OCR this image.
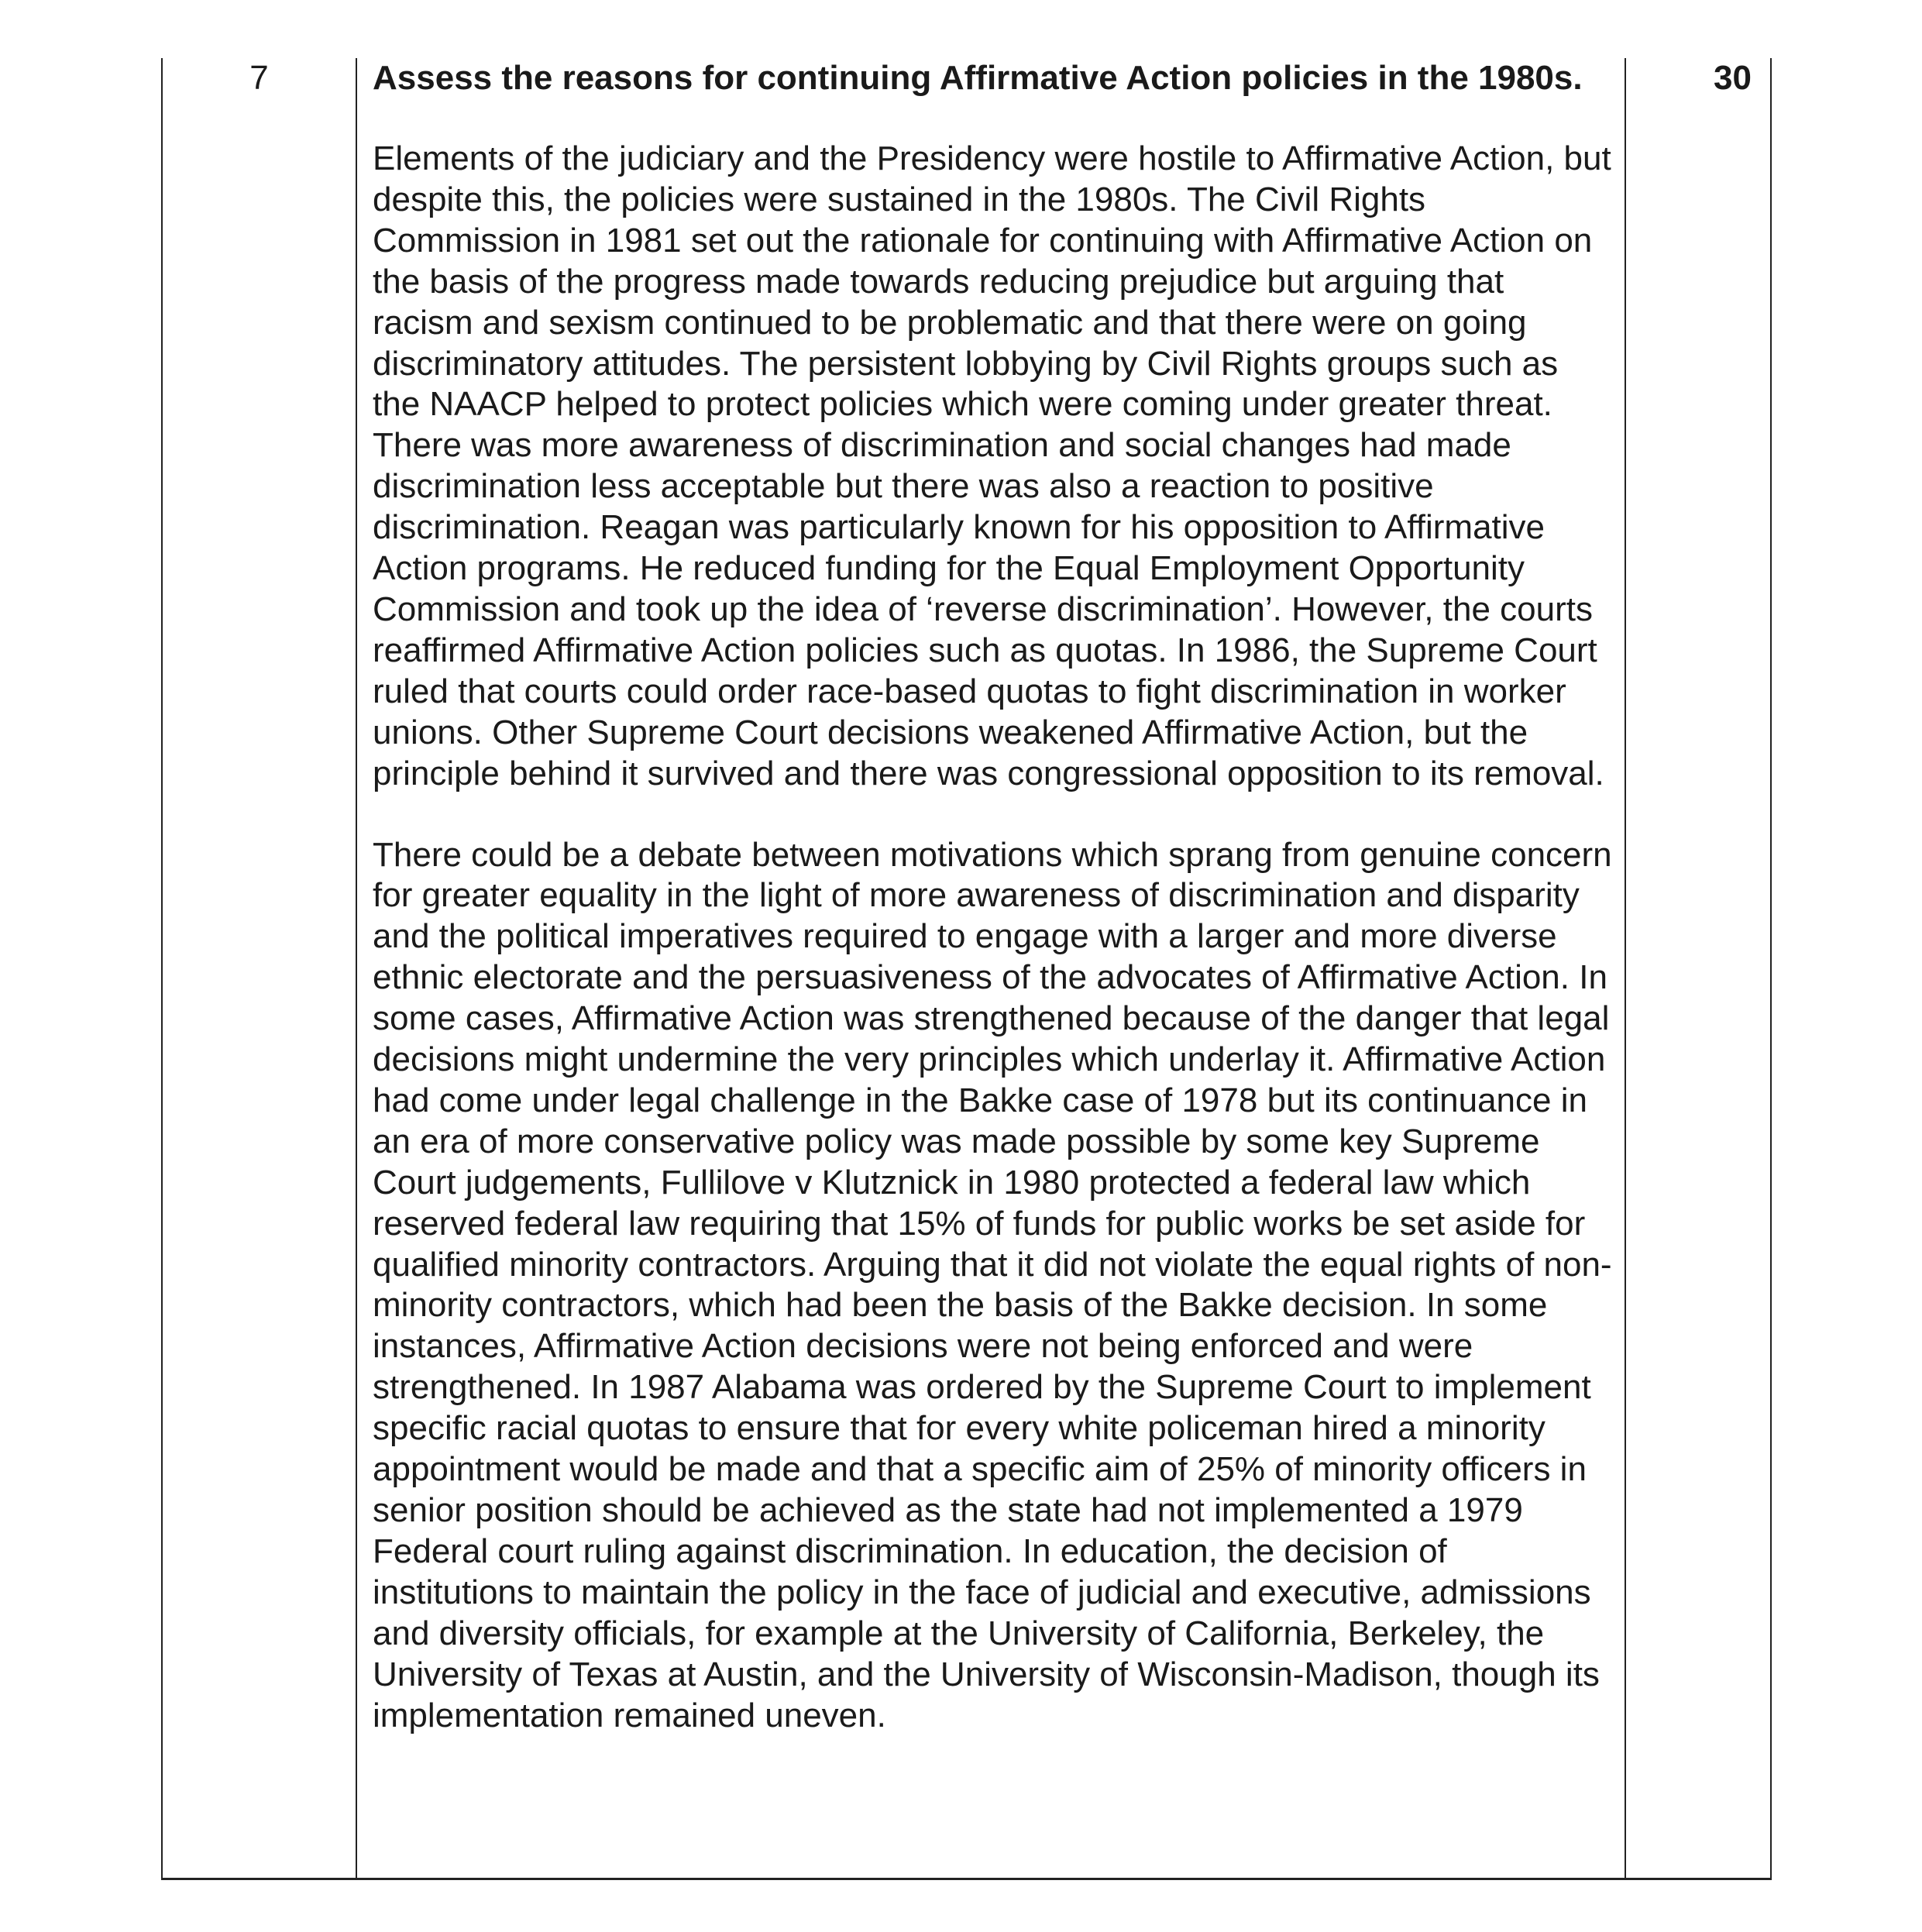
7	Assess the reasons for continuing Affirmative Action policies in the 1980s.

Elements of the judiciary and the Presidency were hostile to Affirmative Action, but despite this, the policies were sustained in the 1980s. The Civil Rights Commission in 1981 set out the rationale for continuing with Affirmative Action on the basis of the progress made towards reducing prejudice but arguing that racism and sexism continued to be problematic and that there were on going discriminatory attitudes. The persistent lobbying by Civil Rights groups such as the NAACP helped to protect policies which were coming under greater threat. There was more awareness of discrimination and social changes had made discrimination less acceptable but there was also a reaction to positive discrimination. Reagan was particularly known for his opposition to Affirmative Action programs. He reduced funding for the Equal Employment Opportunity Commission and took up the idea of ‘reverse discrimination’. However, the courts reaffirmed Affirmative Action policies such as quotas. In 1986, the Supreme Court ruled that courts could order race-based quotas to fight discrimination in worker unions. Other Supreme Court decisions weakened Affirmative Action, but the principle behind it survived and there was congressional opposition to its removal.

There could be a debate between motivations which sprang from genuine concern for greater equality in the light of more awareness of discrimination and disparity and the political imperatives required to engage with a larger and more diverse ethnic electorate and the persuasiveness of the advocates of Affirmative Action. In some cases, Affirmative Action was strengthened because of the danger that legal decisions might undermine the very principles which underlay it. Affirmative Action had come under legal challenge in the Bakke case of 1978 but its continuance in an era of more conservative policy was made possible by some key Supreme Court judgements, Fullilove v Klutznick in 1980 protected a federal law which reserved federal law requiring that 15% of funds for public works be set aside for qualified minority contractors. Arguing that it did not violate the equal rights of non-minority contractors, which had been the basis of the Bakke decision. In some instances, Affirmative Action decisions were not being enforced and were strengthened. In 1987 Alabama was ordered by the Supreme Court to implement specific racial quotas to ensure that for every white policeman hired a minority appointment would be made and that a specific aim of 25% of minority officers in senior position should be achieved as the state had not implemented a 1979 Federal court ruling against discrimination. In education, the decision of institutions to maintain the policy in the face of judicial and executive, admissions and diversity officials, for example at the University of California, Berkeley, the University of Texas at Austin, and the University of Wisconsin-Madison, though its implementation remained uneven.

30
